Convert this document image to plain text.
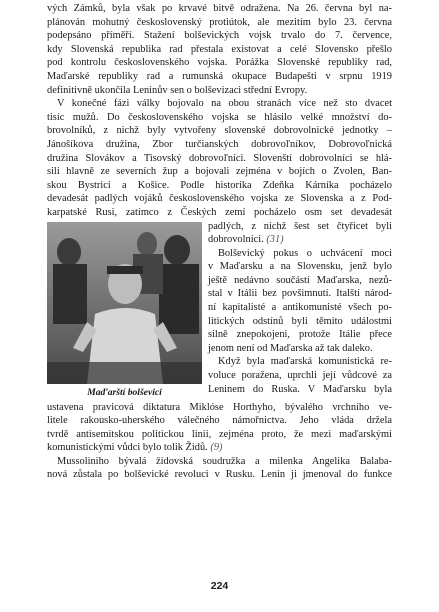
vých Zámků, byla však po krvavé bitvě odražena. Na 26. června byl na-
plánován mohutný československý protiútok, ale mezitím bylo 23. června
podepsáno příměří. Stažení bolševických vojsk trvalo do 7. července,
kdy Slovenská republika rad přestala existovat a celé Slovensko přešlo
pod kontrolu československého vojska. Porážka Slovenské republiky rad,
Maďarské republiky rad a rumunská okupace Budapešti v srpnu 1919
definitivně ukončila Leninův sen o bolševizaci střední Evropy.

V konečné fázi války bojovalo na obou stranách více než sto dvacet
tisíc mužů. Do československého vojska se hlásilo velké množství do-
brovolníků, z nichž byly vytvořeny slovenské dobrovolnické jednotky –
Jánošíkova družina, Zbor turčianských dobrovoľníkov, Dobrovoľnická
družina Slovákov a Tisovský dobrovoľníci. Slovenští dobrovolníci se hlá-
sili hlavně ze severních žup a bojovali zejména v bojích o Zvolen, Ban-
skou Bystrici a Košice. Podle historika Zdeňka Kárníka pocházelo
devadesát padlých vojáků československého vojska ze Slovenska a z Pod-
karpatské Rusi, zatímco z Českých zemí pocházelo osm set devadesát

Maďarští bolševici

padlých, z nichž šest set čtyřicet byli
dobrovolníci. (31)

Bolševický pokus o uchvácení moci
v Maďarsku a na Slovensku, jenž bylo
ještě nedávno součástí Maďarska, nezů-
stal v Itálii bez povšimnutí. Italští národ-
ní kapitalisté a antikomunisté všech po-
litických odstínů byli těmito událostmi
silně znepokojeni, protože Itálie přece
jenom není od Maďarska až tak daleko.

Když byla maďarská komunistická re-
voluce poražena, uprchli její vůdcové za
Leninem do Ruska. V Maďarsku byla

ustavena pravicová diktatura Miklóse Horthyho, bývalého vrchního ve-
litele rakousko-uherského válečného námořnictva. Jeho vláda držela
tvrdě antisemitskou politickou linii, zejména proto, že mezi maďarskými
komunistickými vůdci bylo tolik Židů. (9)

Mussoliniho bývalá židovská soudružka a milenka Angelika Balaba-
nová zůstala po bolševické revoluci v Rusku. Lenin ji jmenoval do funkce

224
